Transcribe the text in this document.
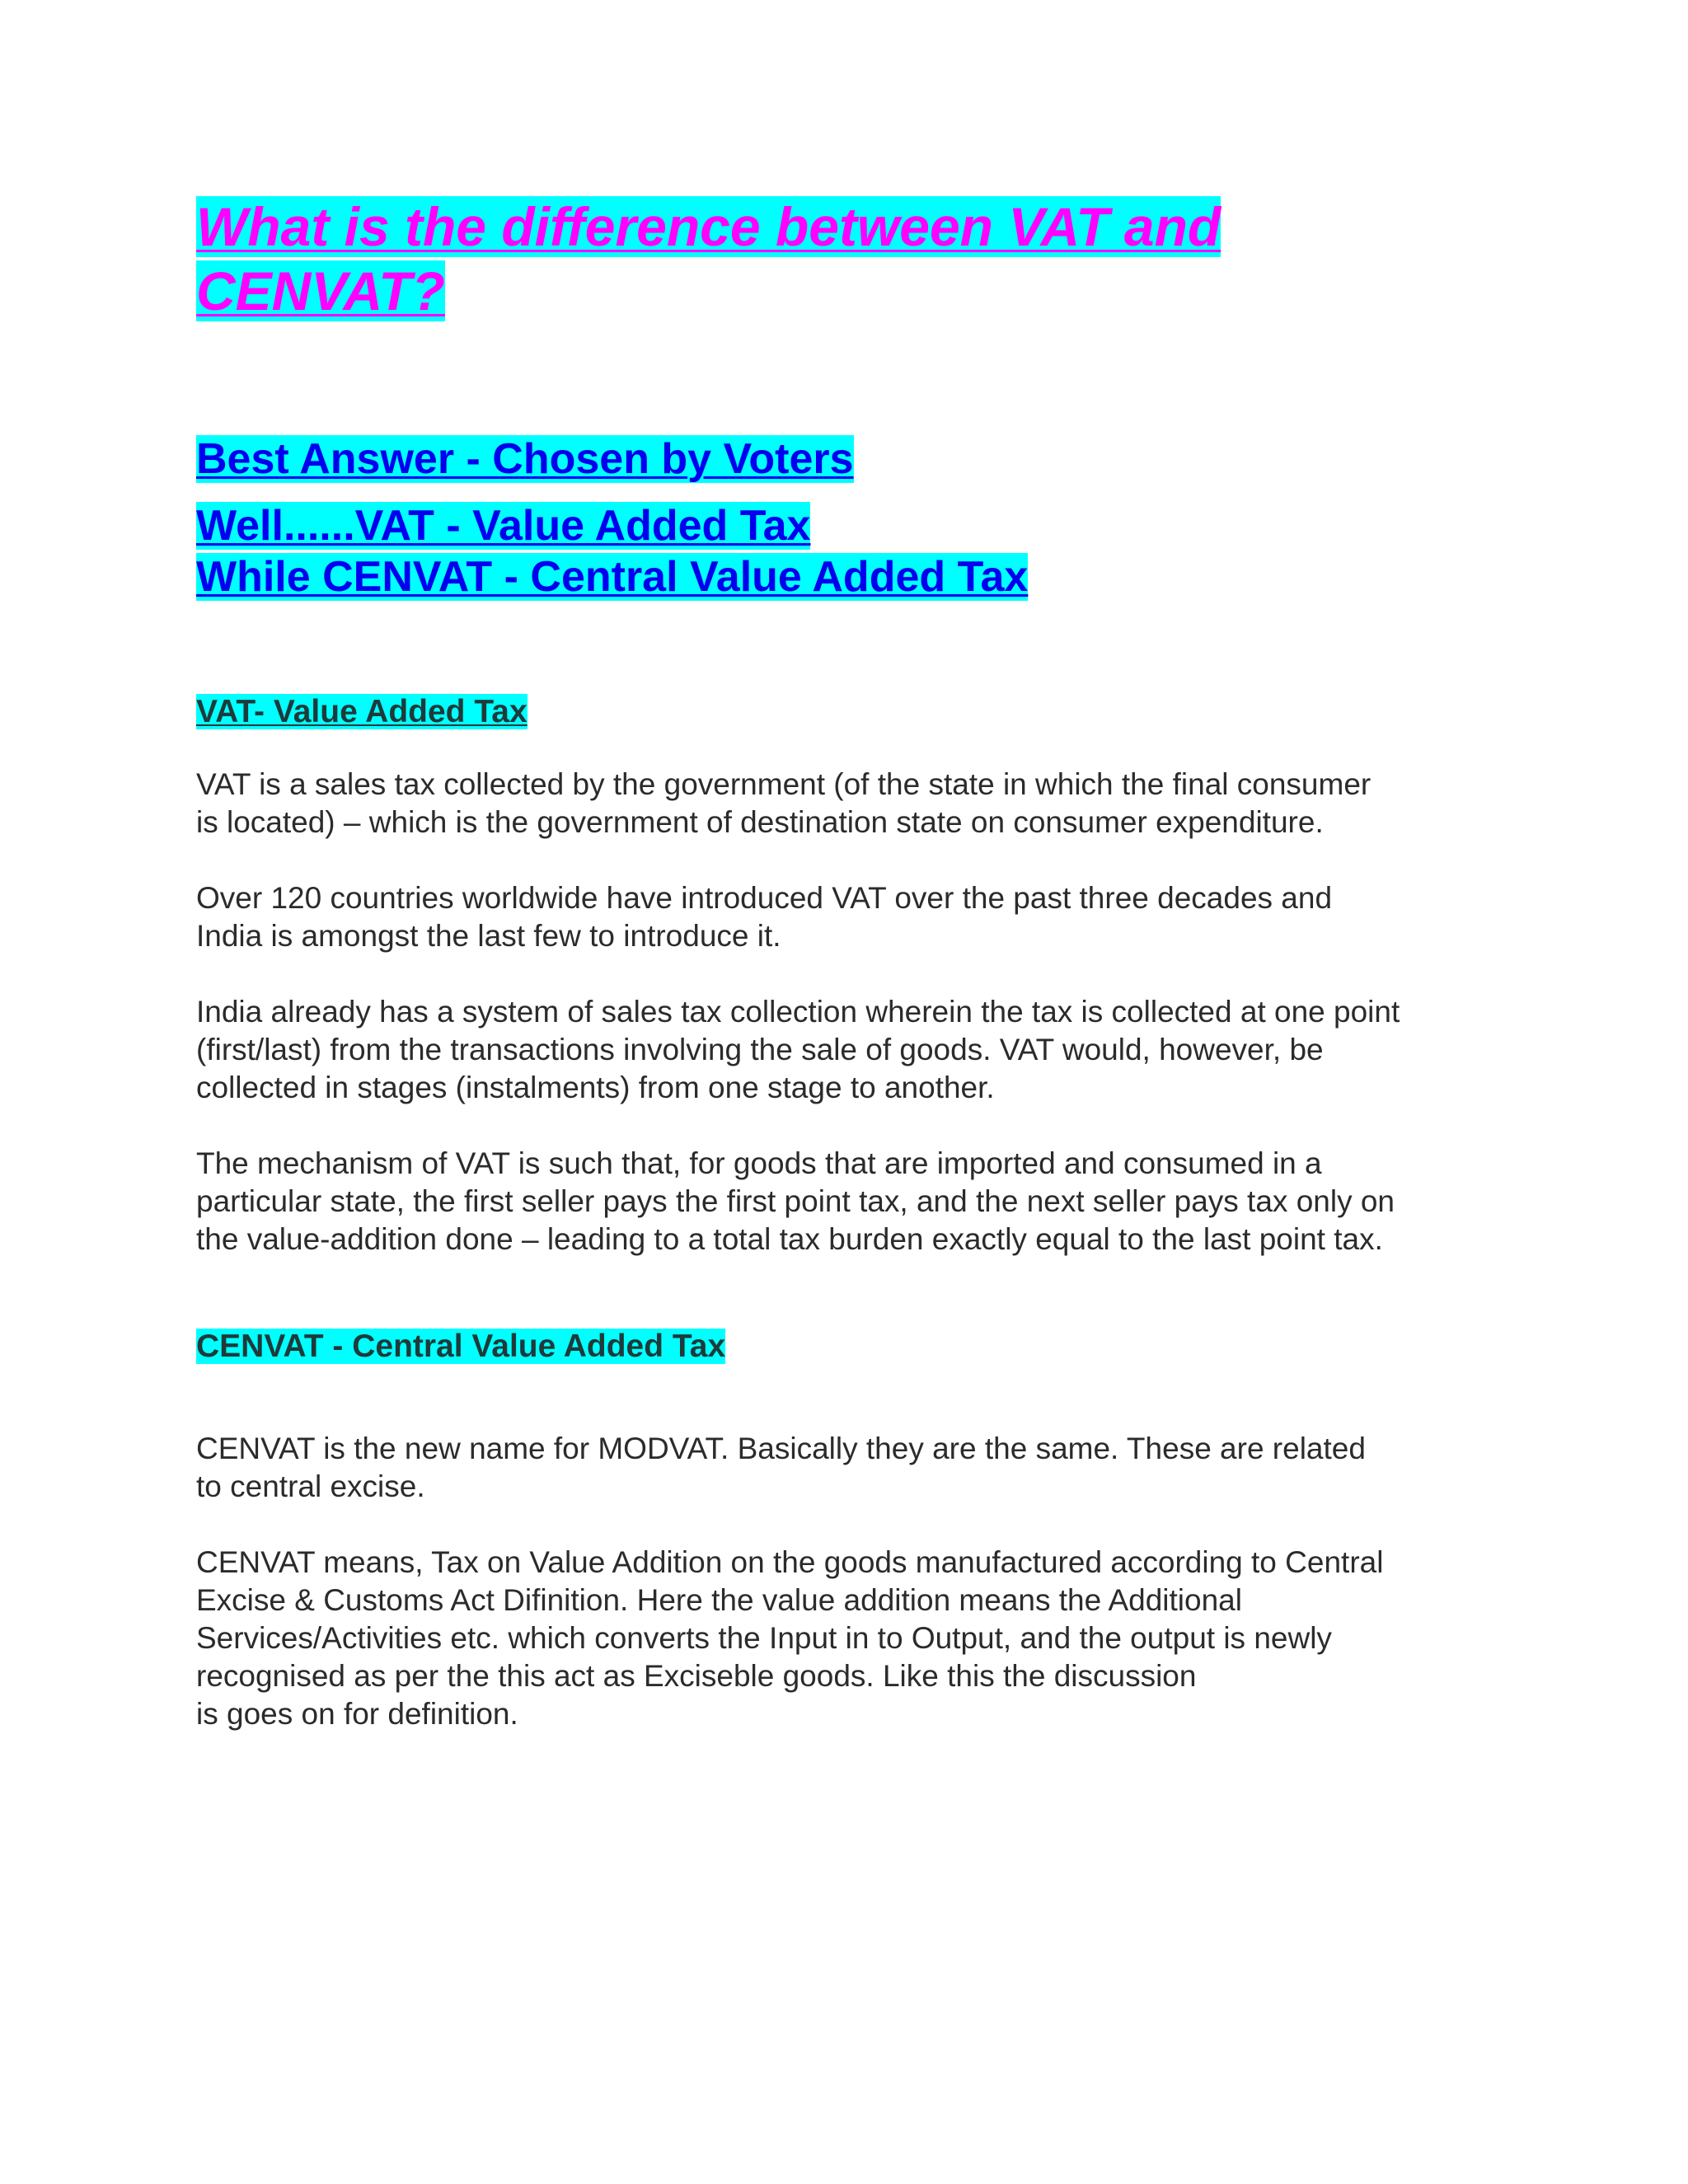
What is the difference between VAT and
CENVAT?

Best Answer - Chosen by Voters

Well......VAT - Value Added Tax

While CENVAT - Central Value Added Tax

VAT- Value Added Tax

VAT is a sales tax collected by the government (of the state in which the final consumer
is located) – which is the government of destination state on consumer expenditure.

Over 120 countries worldwide have introduced VAT over the past three decades and
India is amongst the last few to introduce it.

India already has a system of sales tax collection wherein the tax is collected at one point
(first/last) from the transactions involving the sale of goods. VAT would, however, be
collected in stages (instalments) from one stage to another.

The mechanism of VAT is such that, for goods that are imported and consumed in a
particular state, the first seller pays the first point tax, and the next seller pays tax only on
the value-addition done – leading to a total tax burden exactly equal to the last point tax.

CENVAT - Central Value Added Tax

CENVAT is the new name for MODVAT. Basically they are the same. These are related
to central excise.

CENVAT means, Tax on Value Addition on the goods manufactured according to Central
Excise & Customs Act Difinition. Here the value addition means the Additional
Services/Activities etc. which converts the Input in to Output, and the output is newly
recognised as per the this act as Exciseble goods. Like this the discussion
is goes on for definition.
